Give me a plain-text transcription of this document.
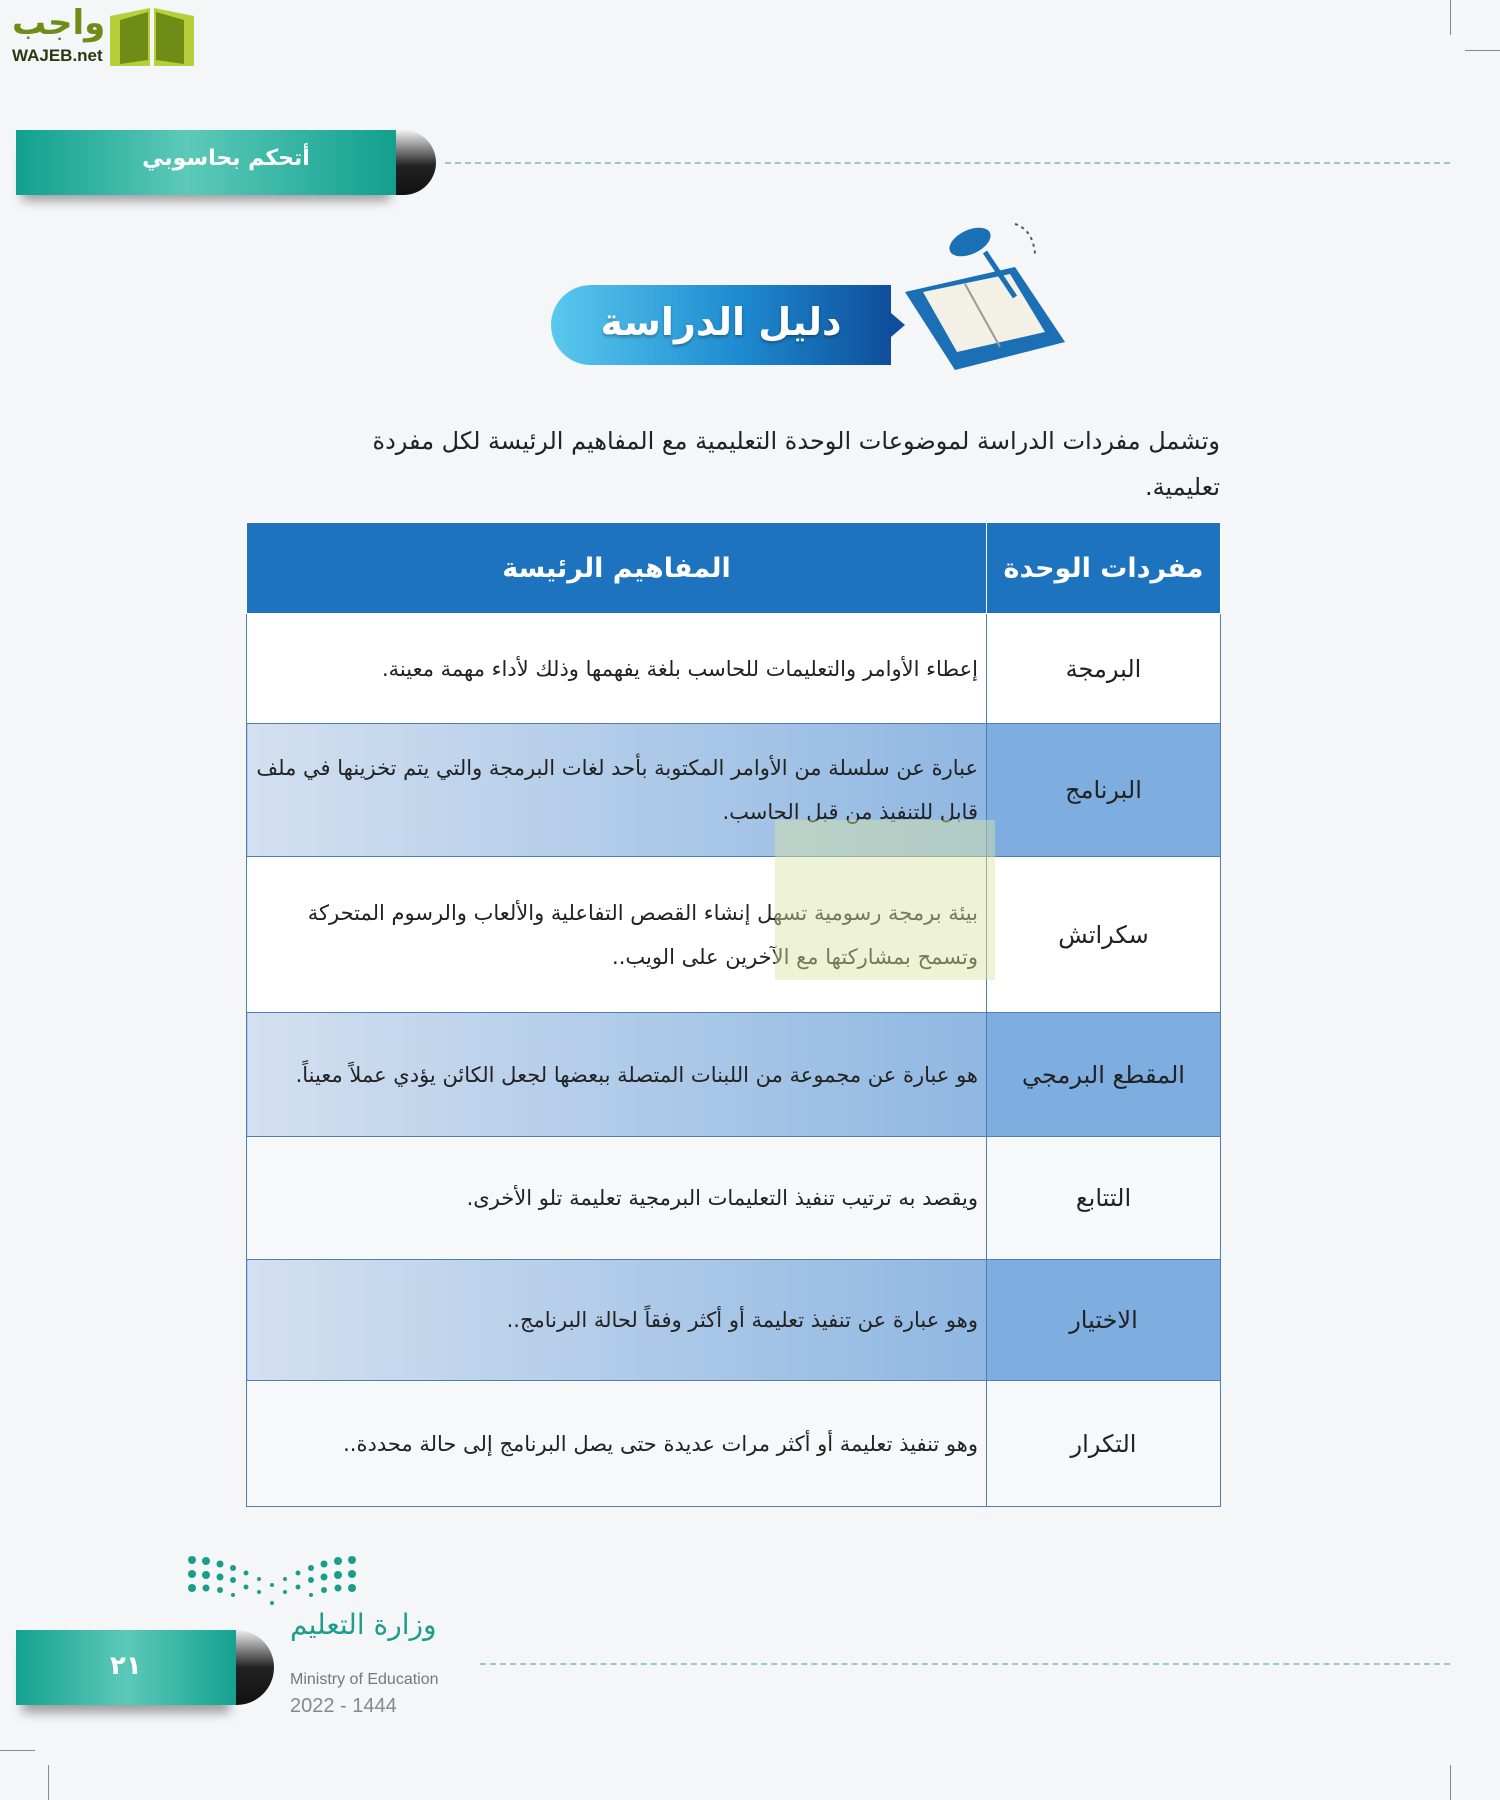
واجب
WAJEB.net
أتحكم بحاسوبي
دليل الدراسة
وتشمل مفردات الدراسة لموضوعات الوحدة التعليمية مع المفاهيم الرئيسة لكل مفردة تعليمية.
مفردات الوحدة	المفاهيم الرئيسة
البرمجة	إعطاء الأوامر والتعليمات للحاسب بلغة يفهمها وذلك لأداء مهمة معينة.
البرنامج	عبارة عن سلسلة من الأوامر المكتوبة بأحد لغات البرمجة والتي يتم تخزينها في ملف قابل للتنفيذ من قبل الحاسب.
سكراتش	بيئة برمجة رسومية تسهل إنشاء القصص التفاعلية والألعاب والرسوم المتحركة وتسمح بمشاركتها مع الآخرين على الويب..
المقطع البرمجي	هو عبارة عن مجموعة من اللبنات المتصلة ببعضها لجعل الكائن يؤدي عملاً معيناً.
التتابع	ويقصد به ترتيب تنفيذ التعليمات البرمجية تعليمة تلو الأخرى.
الاختيار	وهو عبارة عن تنفيذ تعليمة أو أكثر وفقاً لحالة البرنامج..
التكرار	وهو تنفيذ تعليمة أو أكثر مرات عديدة حتى يصل البرنامج إلى حالة محددة..
٢١
وزارة التعليم
Ministry of Education
2022 - 1444
